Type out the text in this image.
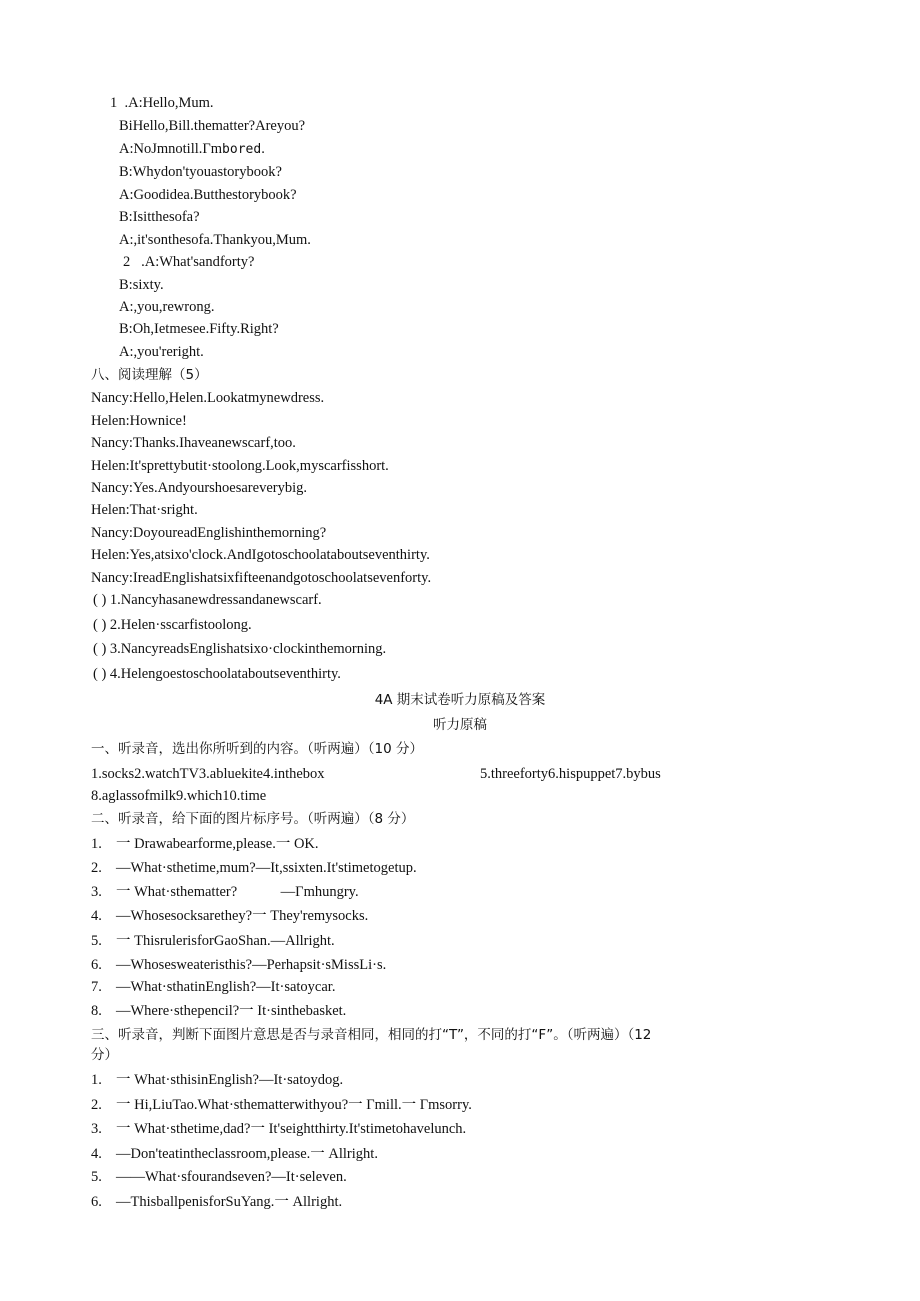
1  .A:Hello,Mum.
BiHello,Bill.thematter?Areyou?
A:NoJmnotill.Γmbored.
B:Whydon'tyouastorybook?
A:Goodidea.Butthestorybook?
B:Isitthesofa?
A:,it'sonthesofa.Thankyou,Mum.
2   .A:What'sandforty?
B:sixty.
A:,you,rewrong.
B:Oh,Ietmesee.Fifty.Right?
A:,you'reright.
八、阅读理解（5）
Nancy:Hello,Helen.Lookatmynewdress.
Helen:Hownice!
Nancy:Thanks.Ihaveanewscarf,too.
Helen:It'sprettybutit·stoolong.Look,myscarfisshort.
Nancy:Yes.Andyourshoesareverybig.
Helen:That·sright.
Nancy:DoyoureadEnglishinthemorning?
Helen:Yes,atsixo'clock.AndIgotoschoolataboutseventhirty.
Nancy:IreadEnglishatsixfifteenandgotoschoolatsevenforty.
( ) 1.Nancyhasanewdressandanewscarf.
( ) 2.Helen·sscarfistoolong.
( ) 3.NancyreadsEnglishatsixo·clockinthemorning.
( ) 4.Helengoestoschoolataboutseventhirty.
4A 期末试卷听力原稿及答案
听力原稿
一、听录音，选出你所听到的内容。（听两遍）（10 分）
1.socks2.watchTV3.abluekite4.inthebox	5.threeforty6.hispuppet7.bybus
8.aglassofmilk9.which10.time
二、听录音，给下面的图片标序号。（听两遍）（8 分）
1. 一 Drawabearforme,please.一 OK.
2. —What·sthetime,mum?—It,ssixten.It'stimetogetup.
3. 一 What·sthematter?            —Γmhungry.
4. —Whosesocksarethey?一 They'remysocks.
5. 一 ThisrulerisforGaoShan.—Allright.
6. —Whosesweateristhis?—Perhapsit·sMissLi·s.
7. —What·sthatinEnglish?—It·satoycar.
8. —Where·sthepencil?一 It·sinthebasket.
三、听录音，判断下面图片意思是否与录音相同，相同的打“T”，不同的打“F”。（听两遍）（12
分）
1. 一 What·sthisinEnglish?—It·satoydog.
2. 一 Hi,LiuTao.What·sthematterwithyou?一 Γmill.一 Γmsorry.
3. 一 What·sthetime,dad?一 It'seightthirty.It'stimetohavelunch.
4. —Don'teatintheclassroom,please.一 Allright.
5. ——What·sfourandseven?—It·seleven.
6. —ThisballpenisforSuYang.一 Allright.
